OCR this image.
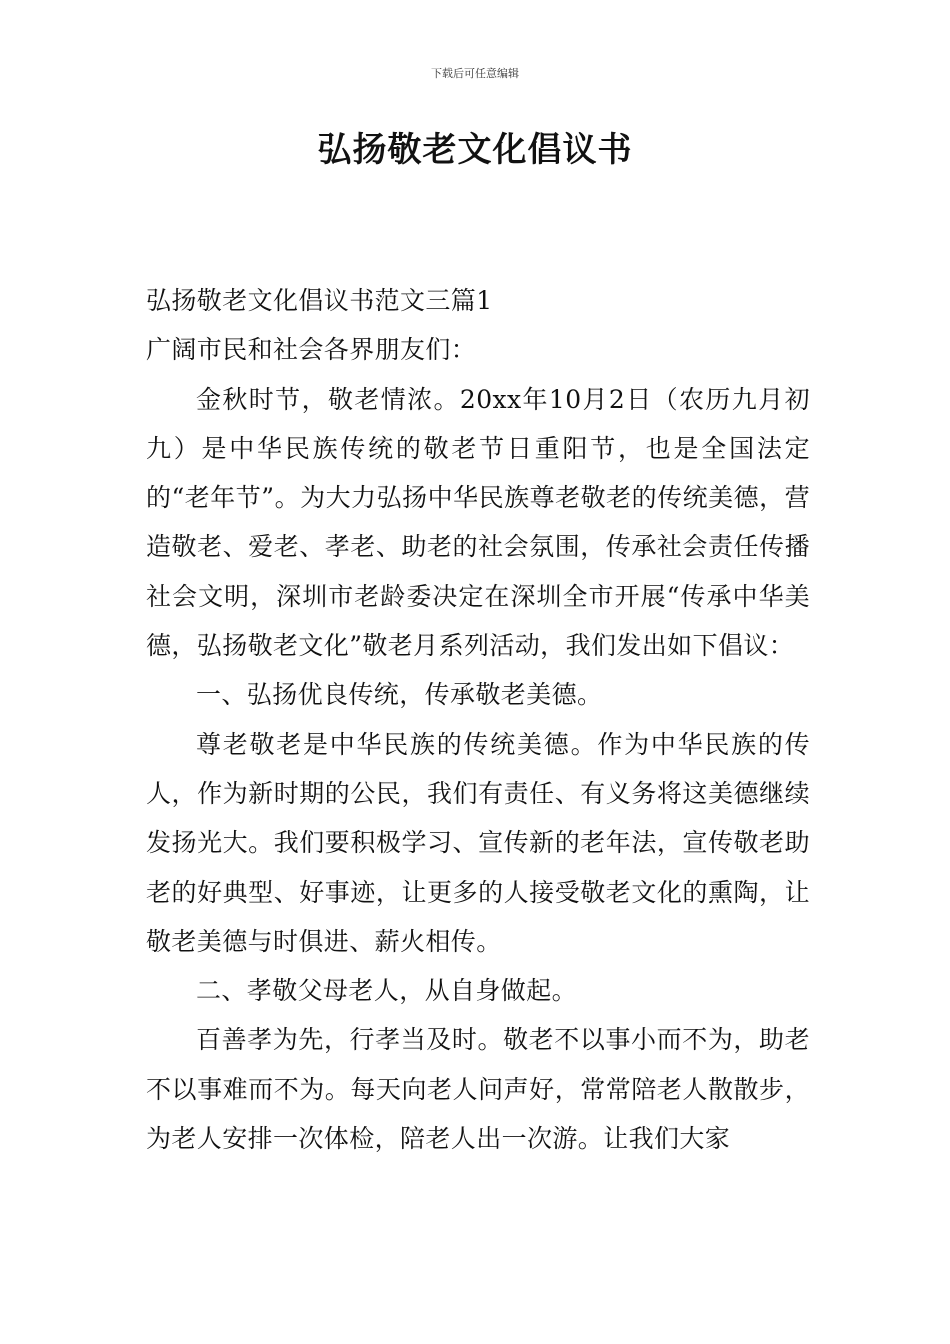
下载后可任意编辑
弘扬敬老文化倡议书

弘扬敬老文化倡议书范文三篇1

广阔市民和社会各界朋友们：

金秋时节，敬老情浓。20xx年10月2日（农历九月初九）是中华民族传统的敬老节日重阳节，也是全国法定的“老年节”。为大力弘扬中华民族尊老敬老的传统美德，营造敬老、爱老、孝老、助老的社会氛围，传承社会责任传播社会文明，深圳市老龄委决定在深圳全市开展“传承中华美德，弘扬敬老文化”敬老月系列活动，我们发出如下倡议：

一、弘扬优良传统，传承敬老美德。

尊老敬老是中华民族的传统美德。作为中华民族的传人，作为新时期的公民，我们有责任、有义务将这美德继续发扬光大。我们要积极学习、宣传新的老年法，宣传敬老助老的好典型、好事迹，让更多的人接受敬老文化的熏陶，让敬老美德与时俱进、薪火相传。

二、孝敬父母老人，从自身做起。

百善孝为先，行孝当及时。敬老不以事小而不为，助老不以事难而不为。每天向老人问声好，常常陪老人散散步，为老人安排一次体检，陪老人出一次游。让我们大家
